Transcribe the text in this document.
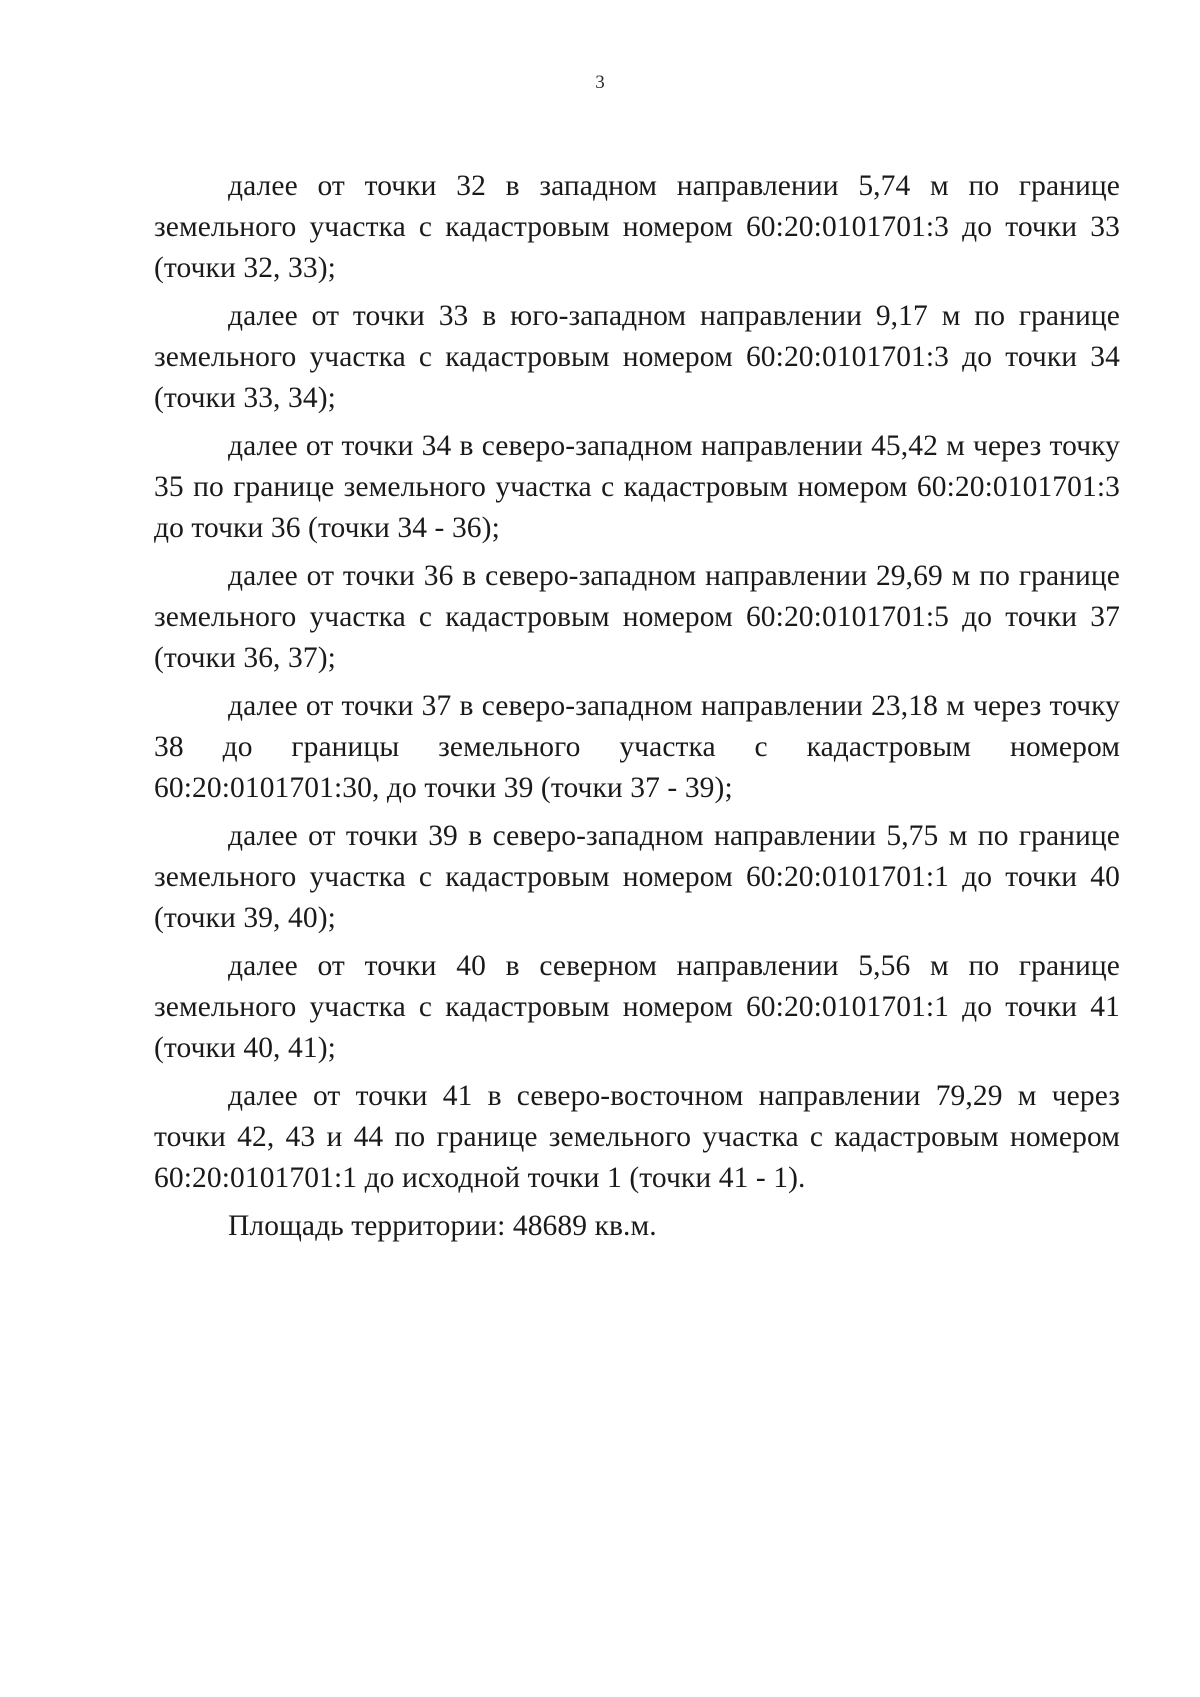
3

далее от точки 32 в западном направлении 5,74 м по границе земельного участка с кадастровым номером 60:20:0101701:3 до точки 33 (точки 32, 33);

далее от точки 33 в юго-западном направлении 9,17 м по границе земельного участка с кадастровым номером 60:20:0101701:3 до точки 34 (точки 33, 34);

далее от точки 34 в северо-западном направлении 45,42 м через точку 35 по границе земельного участка с кадастровым номером 60:20:0101701:3 до точки 36 (точки 34 - 36);

далее от точки 36 в северо-западном направлении 29,69 м по границе земельного участка с кадастровым номером 60:20:0101701:5 до точки 37 (точки 36, 37);

далее от точки 37 в северо-западном направлении 23,18 м через точку 38 до границы земельного участка с кадастровым номером 60:20:0101701:30, до точки 39 (точки 37 - 39);

далее от точки 39 в северо-западном направлении 5,75 м по границе земельного участка с кадастровым номером 60:20:0101701:1 до точки 40 (точки 39, 40);

далее от точки 40 в северном направлении 5,56 м по границе земельного участка с кадастровым номером 60:20:0101701:1 до точки 41 (точки 40, 41);

далее от точки 41 в северо-восточном направлении 79,29 м через точки 42, 43 и 44 по границе земельного участка с кадастровым номером 60:20:0101701:1 до исходной точки 1 (точки 41 - 1).

Площадь территории: 48689 кв.м.
